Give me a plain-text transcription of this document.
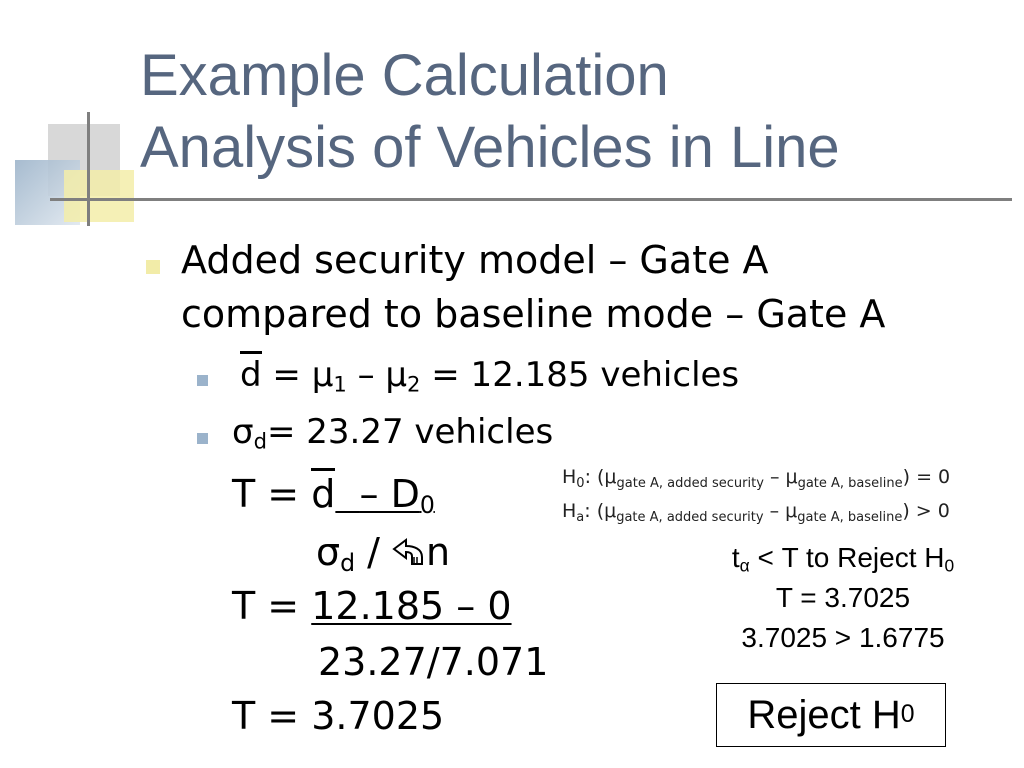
Example Calculation
Analysis of Vehicles in Line
Added security model – Gate A
compared to baseline mode – Gate A
$d = \mu_1 - \mu_2 = 12.185$ vehicles
$\sigma_d= 23.27$ vehicles
$T = d - D_0$
$\sigma_d$ / n
T = 12.185 – 0
23.27/7.071
T = 3.7025
$H_0$: $(\mu_{gate A, added security} - \mu_{gate A, baseline}) = 0$
$H_a$: $(\mu_{gate A, added security} - \mu_{gate A, baseline}) > 0$
$t_\alpha < T$ to Reject $H_0$
T = 3.7025
3.7025 > 1.6775
Reject H 0
